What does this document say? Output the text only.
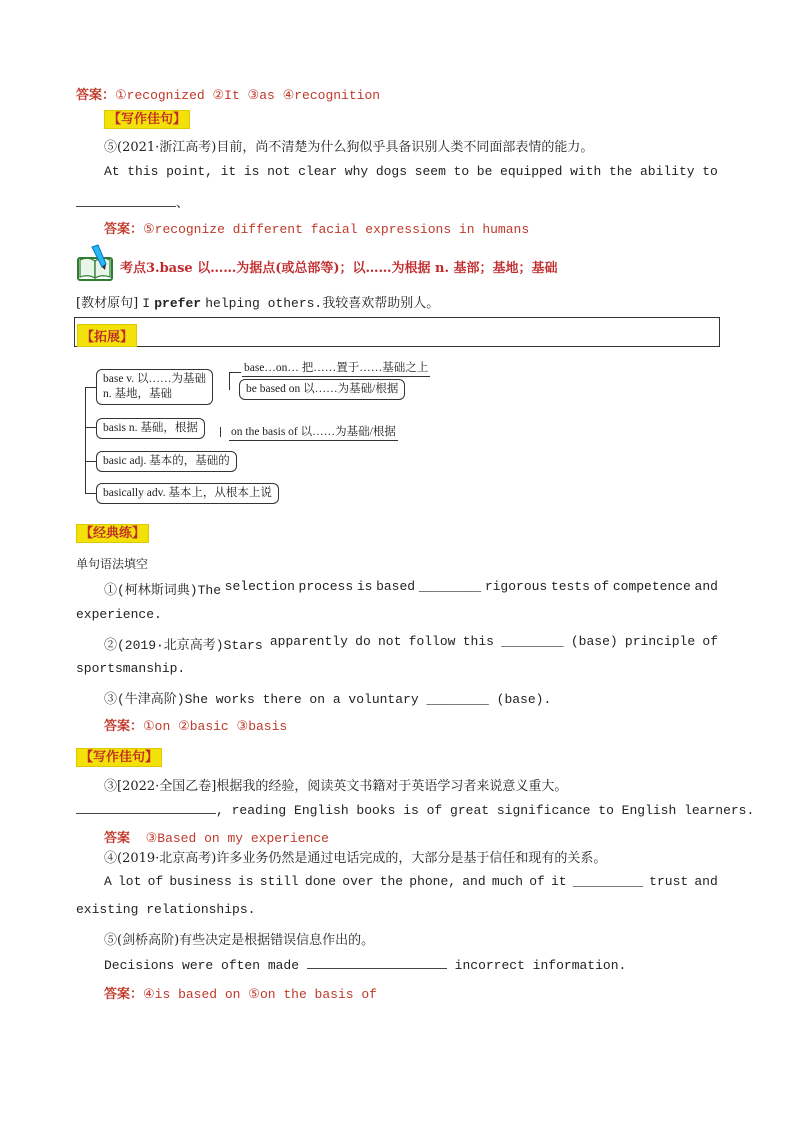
答案：①recognized ②It ③as ④recognition
【写作佳句】
⑤(2021·浙江高考)目前，尚不清楚为什么狗似乎具备识别人类不同面部表情的能力。
At this point, it is not clear why dogs seem to be equipped with the ability to
、
答案：⑤recognize different facial expressions in humans
考点3.base 以……为据点(或总部等)；以……为根据 n. 基部；基地；基础
[教材原句] I prefer helping others.我较喜欢帮助别人。
【拓展】
base v. 以……为基础
n. 基地，基础
base…on… 把……置于……基础之上
be based on 以……为基础/根据
basis n. 基础，根据	on the basis of 以……为基础/根据
basic adj. 基本的，基础的
basically adv. 基本上，从根本上说
【经典练】
单句语法填空
①(柯林斯词典)The selection process is based ________ rigorous tests of competence and
experience.
②(2019·北京高考)Stars apparently do not follow this ________ (base) principle of
sportsmanship.
③(牛津高阶)She works there on a voluntary ________ (base).
答案：①on ②basic ③basis
【写作佳句】
③[2022·全国乙卷]根据我的经验，阅读英文书籍对于英语学习者来说意义重大。
, reading English books is of great significance to English learners.
答案 ③Based on my experience
④(2019·北京高考)许多业务仍然是通过电话完成的，大部分是基于信任和现有的关系。
A lot of business is still done over the phone, and much of it _________ trust and
existing relationships.
⑤(剑桥高阶)有些决定是根据错误信息作出的。
Decisions were often made	incorrect information.
答案：④is based on ⑤on the basis of
